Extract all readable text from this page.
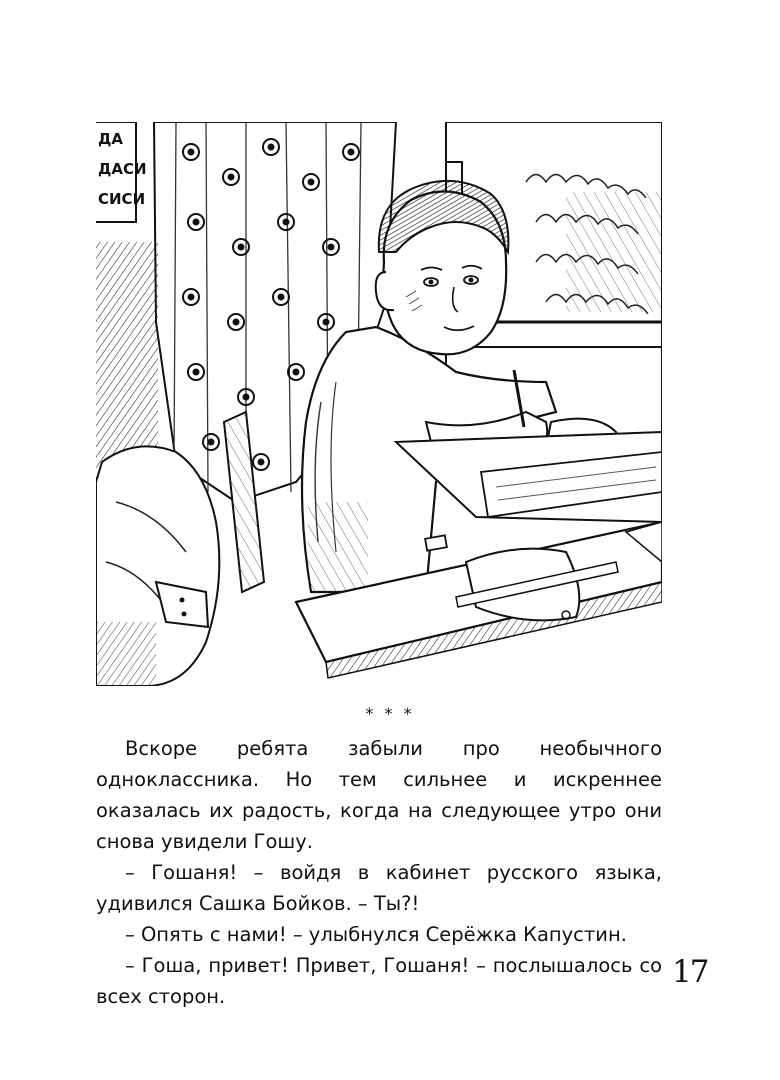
ДА
ДАСИ
СИСИ
* * *

Вскоре ребята забыли про необычного одноклассника. Но тем сильнее и искреннее оказалась их радость, когда на следующее утро они снова увидели Гошу.

– Гошаня! – войдя в кабинет русского языка, удивился Сашка Бойков. – Ты?!

– Опять с нами! – улыбнулся Серёжка Капустин.

– Гоша, привет! Привет, Гошаня! – послышалось со всех сторон.

17
